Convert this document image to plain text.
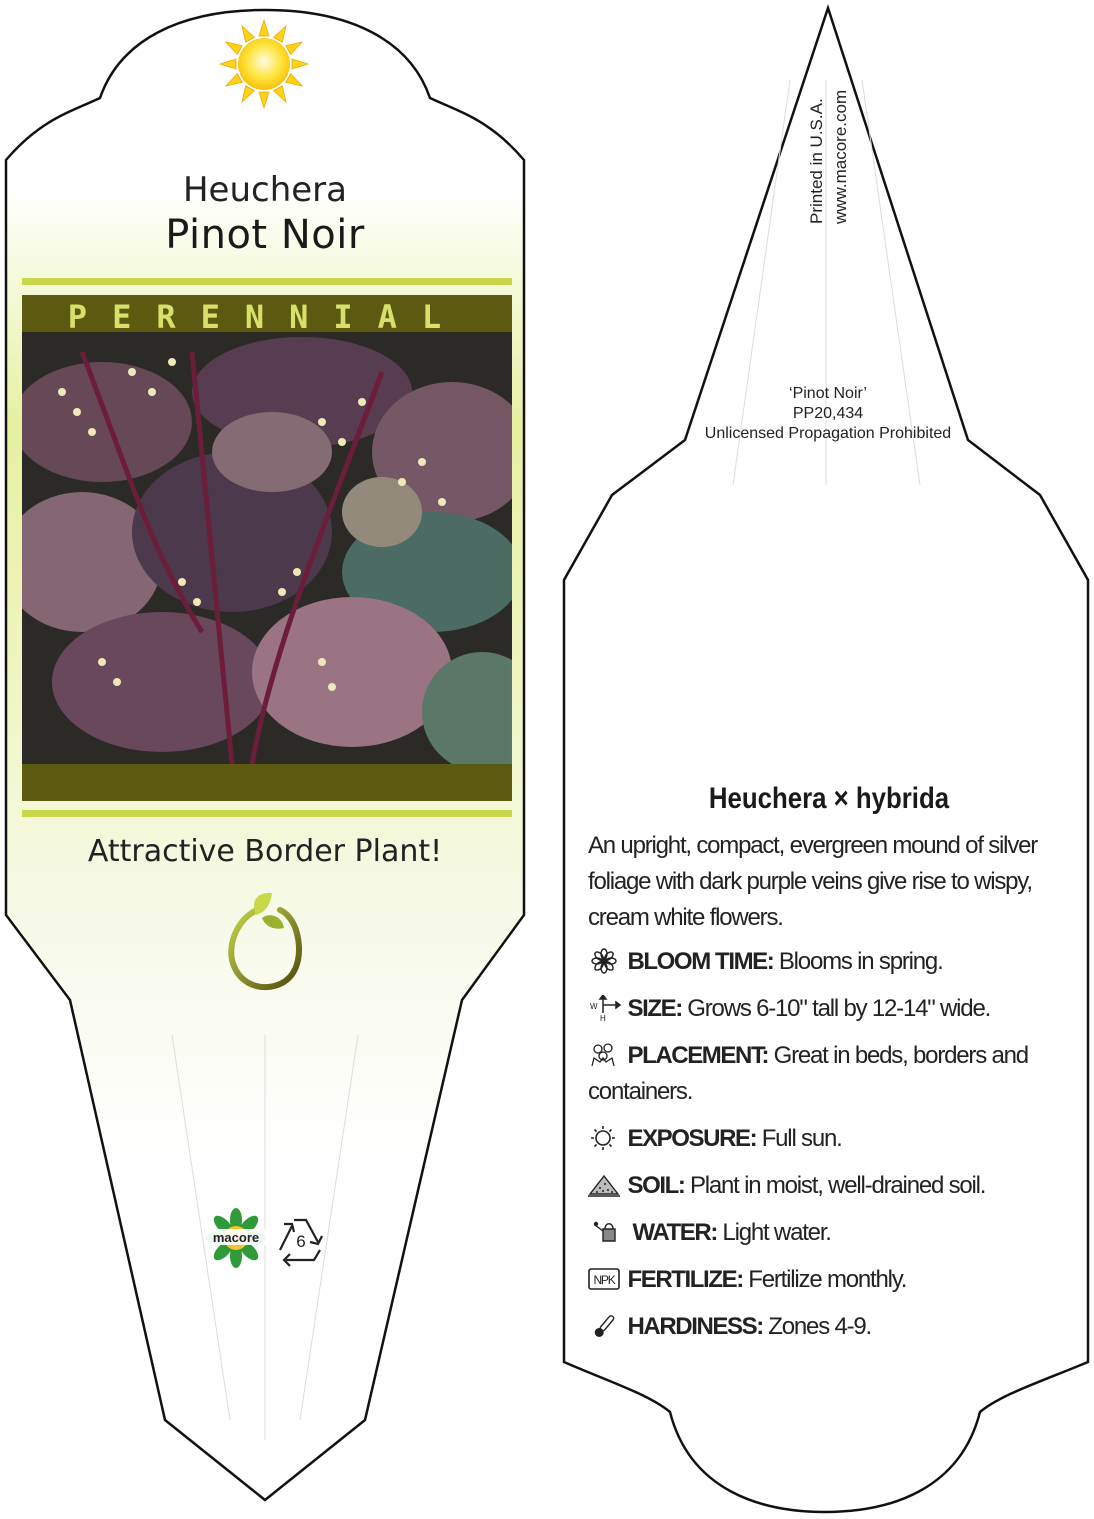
Heuchera
Pinot Noir
PERENNIAL
Attractive Border Plant!
macore	6
Printed in U.S.A. www.macore.com
‘Pinot Noir’
PP20,434
Unlicensed Propagation Prohibited
Heuchera × hybrida
An upright, compact, evergreen mound of silver foliage with dark purple veins give rise to wispy, cream white flowers.
BLOOM TIME: Blooms in spring.
W
H SIZE: Grows 6-10" tall by 12-14" wide.
PLACEMENT: Great in beds, borders and containers.
EXPOSURE: Full sun.
SOIL: Plant in moist, well-drained soil.
WATER: Light water.
NPK FERTILIZE: Fertilize monthly.
HARDINESS: Zones 4-9.
